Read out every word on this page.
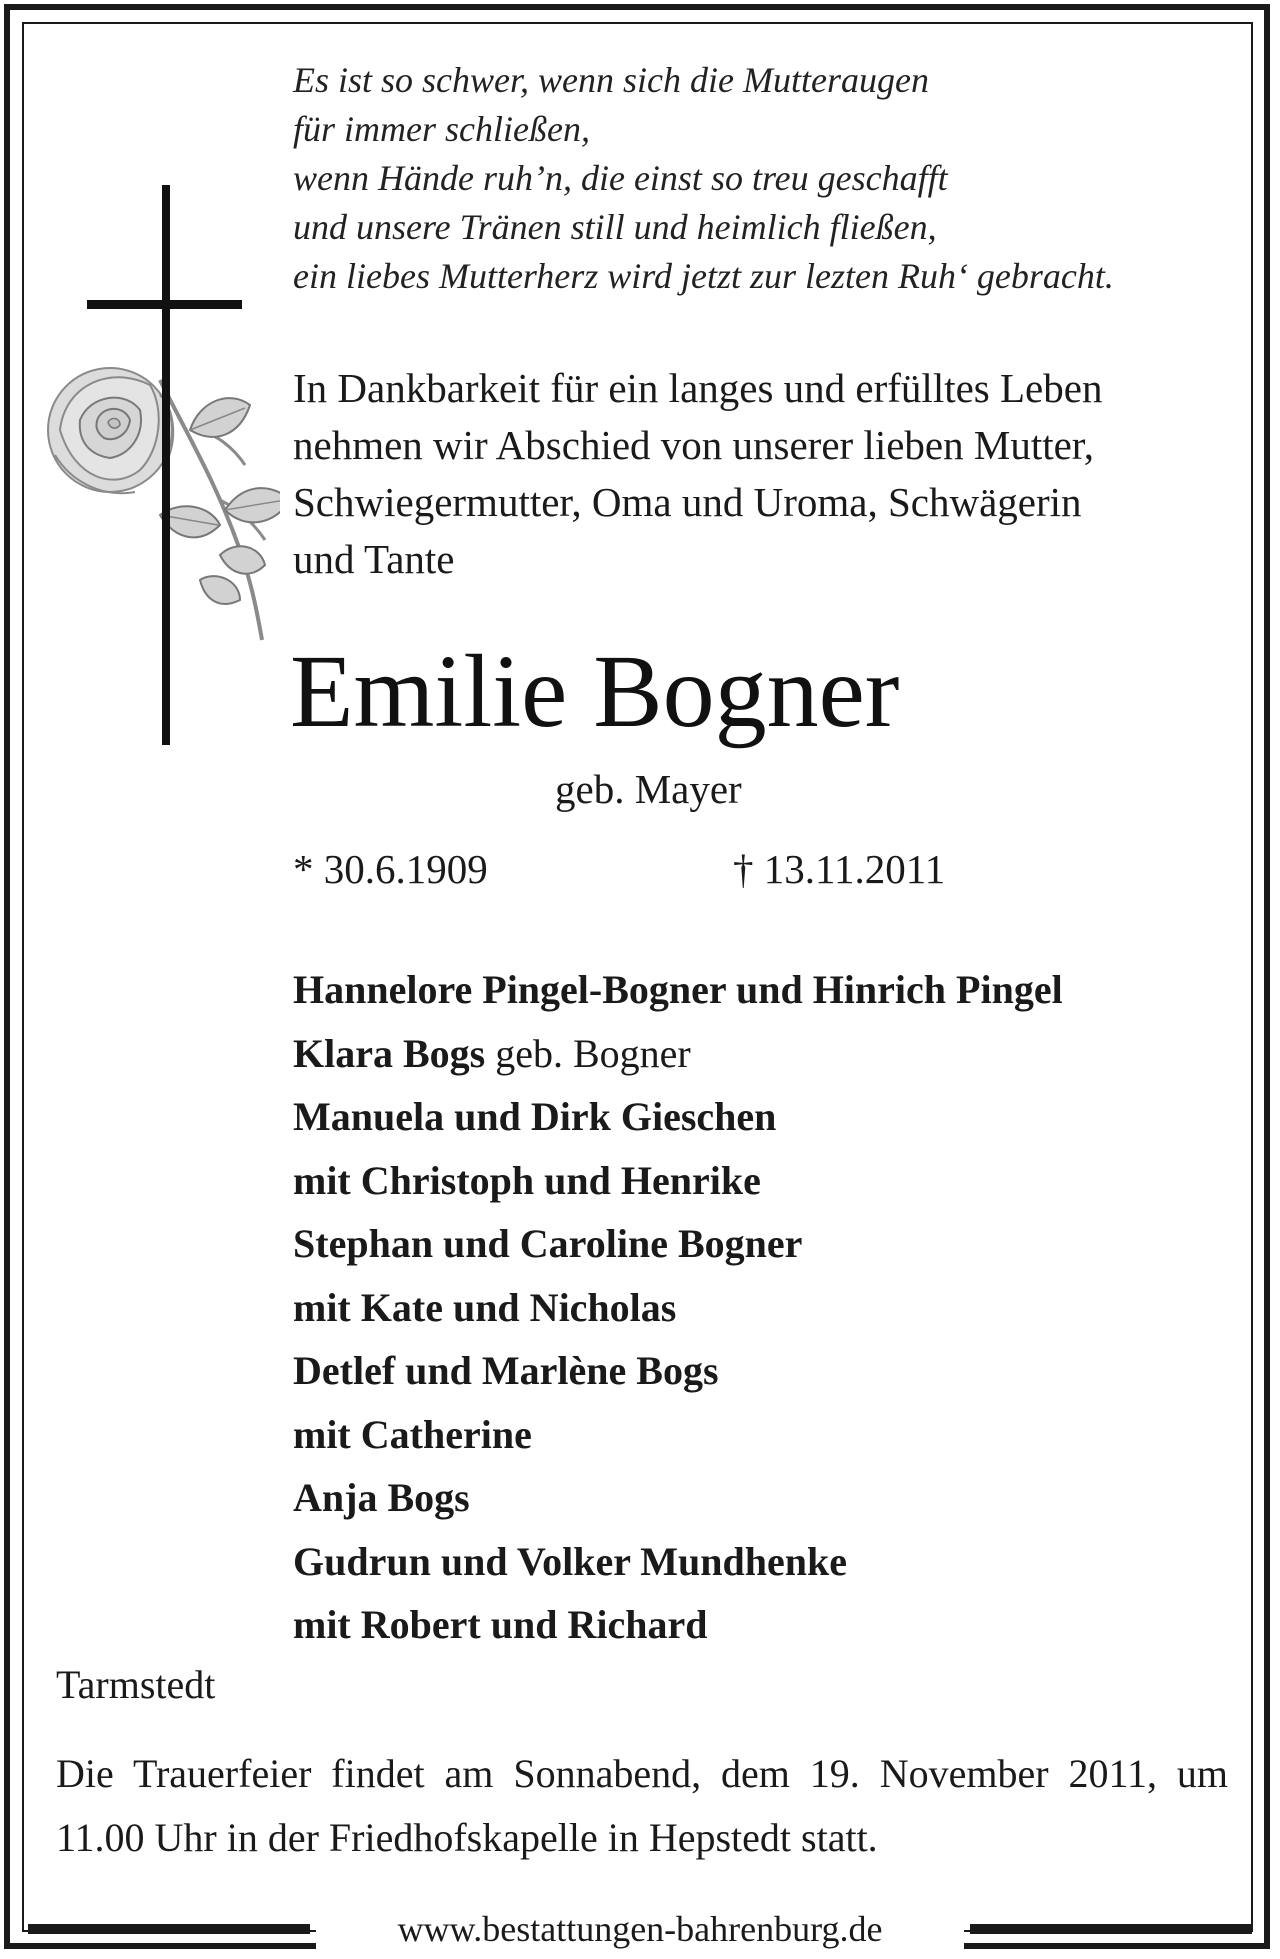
Es ist so schwer, wenn sich die Mutteraugen
für immer schließen,
wenn Hände ruh’n, die einst so treu geschafft
und unsere Tränen still und heimlich fließen,
ein liebes Mutterherz wird jetzt zur lezten Ruh‘ gebracht.
In Dankbarkeit für ein langes und erfülltes Leben
nehmen wir Abschied von unserer lieben Mutter,
Schwiegermutter, Oma und Uroma, Schwägerin
und Tante
Emilie Bogner
geb. Mayer
* 30.6.1909	† 13.11.2011
Hannelore Pingel-Bogner und Hinrich Pingel
Klara Bogs geb. Bogner
Manuela und Dirk Gieschen
mit Christoph und Henrike
Stephan und Caroline Bogner
mit Kate und Nicholas
Detlef und Marlène Bogs
mit Catherine
Anja Bogs
Gudrun und Volker Mundhenke
mit Robert und Richard
Tarmstedt
Die Trauerfeier findet am Sonnabend, dem 19. November 2011, um 11.00 Uhr in der Friedhofskapelle in Hepstedt statt.
www.bestattungen-bahrenburg.de
